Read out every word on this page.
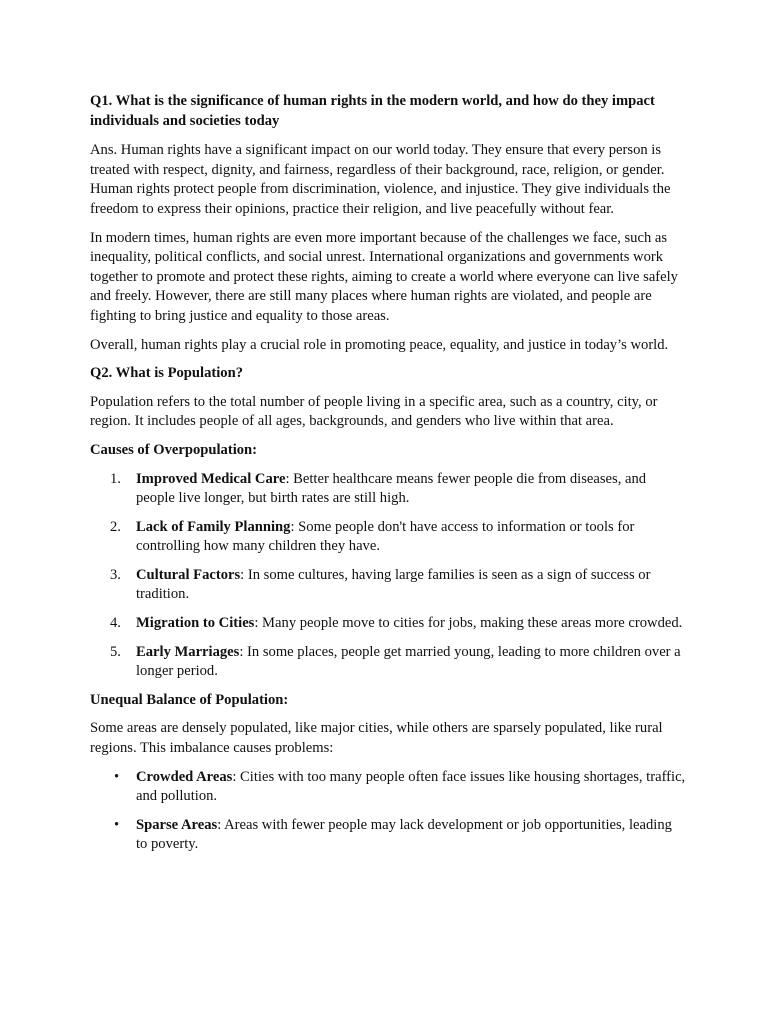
Q1. What is the significance of human rights in the modern world, and how do they impact individuals and societies today

Ans. Human rights have a significant impact on our world today. They ensure that every person is treated with respect, dignity, and fairness, regardless of their background, race, religion, or gender. Human rights protect people from discrimination, violence, and injustice. They give individuals the freedom to express their opinions, practice their religion, and live peacefully without fear.

In modern times, human rights are even more important because of the challenges we face, such as inequality, political conflicts, and social unrest. International organizations and governments work together to promote and protect these rights, aiming to create a world where everyone can live safely and freely. However, there are still many places where human rights are violated, and people are fighting to bring justice and equality to those areas.

Overall, human rights play a crucial role in promoting peace, equality, and justice in today’s world.

Q2. What is Population?

Population refers to the total number of people living in a specific area, such as a country, city, or region. It includes people of all ages, backgrounds, and genders who live within that area.

Causes of Overpopulation:

1. Improved Medical Care: Better healthcare means fewer people die from diseases, and people live longer, but birth rates are still high.
2. Lack of Family Planning: Some people don't have access to information or tools for controlling how many children they have.
3. Cultural Factors: In some cultures, having large families is seen as a sign of success or tradition.
4. Migration to Cities: Many people move to cities for jobs, making these areas more crowded.
5. Early Marriages: In some places, people get married young, leading to more children over a longer period.

Unequal Balance of Population:

Some areas are densely populated, like major cities, while others are sparsely populated, like rural regions. This imbalance causes problems:

• Crowded Areas: Cities with too many people often face issues like housing shortages, traffic, and pollution.
• Sparse Areas: Areas with fewer people may lack development or job opportunities, leading to poverty.
